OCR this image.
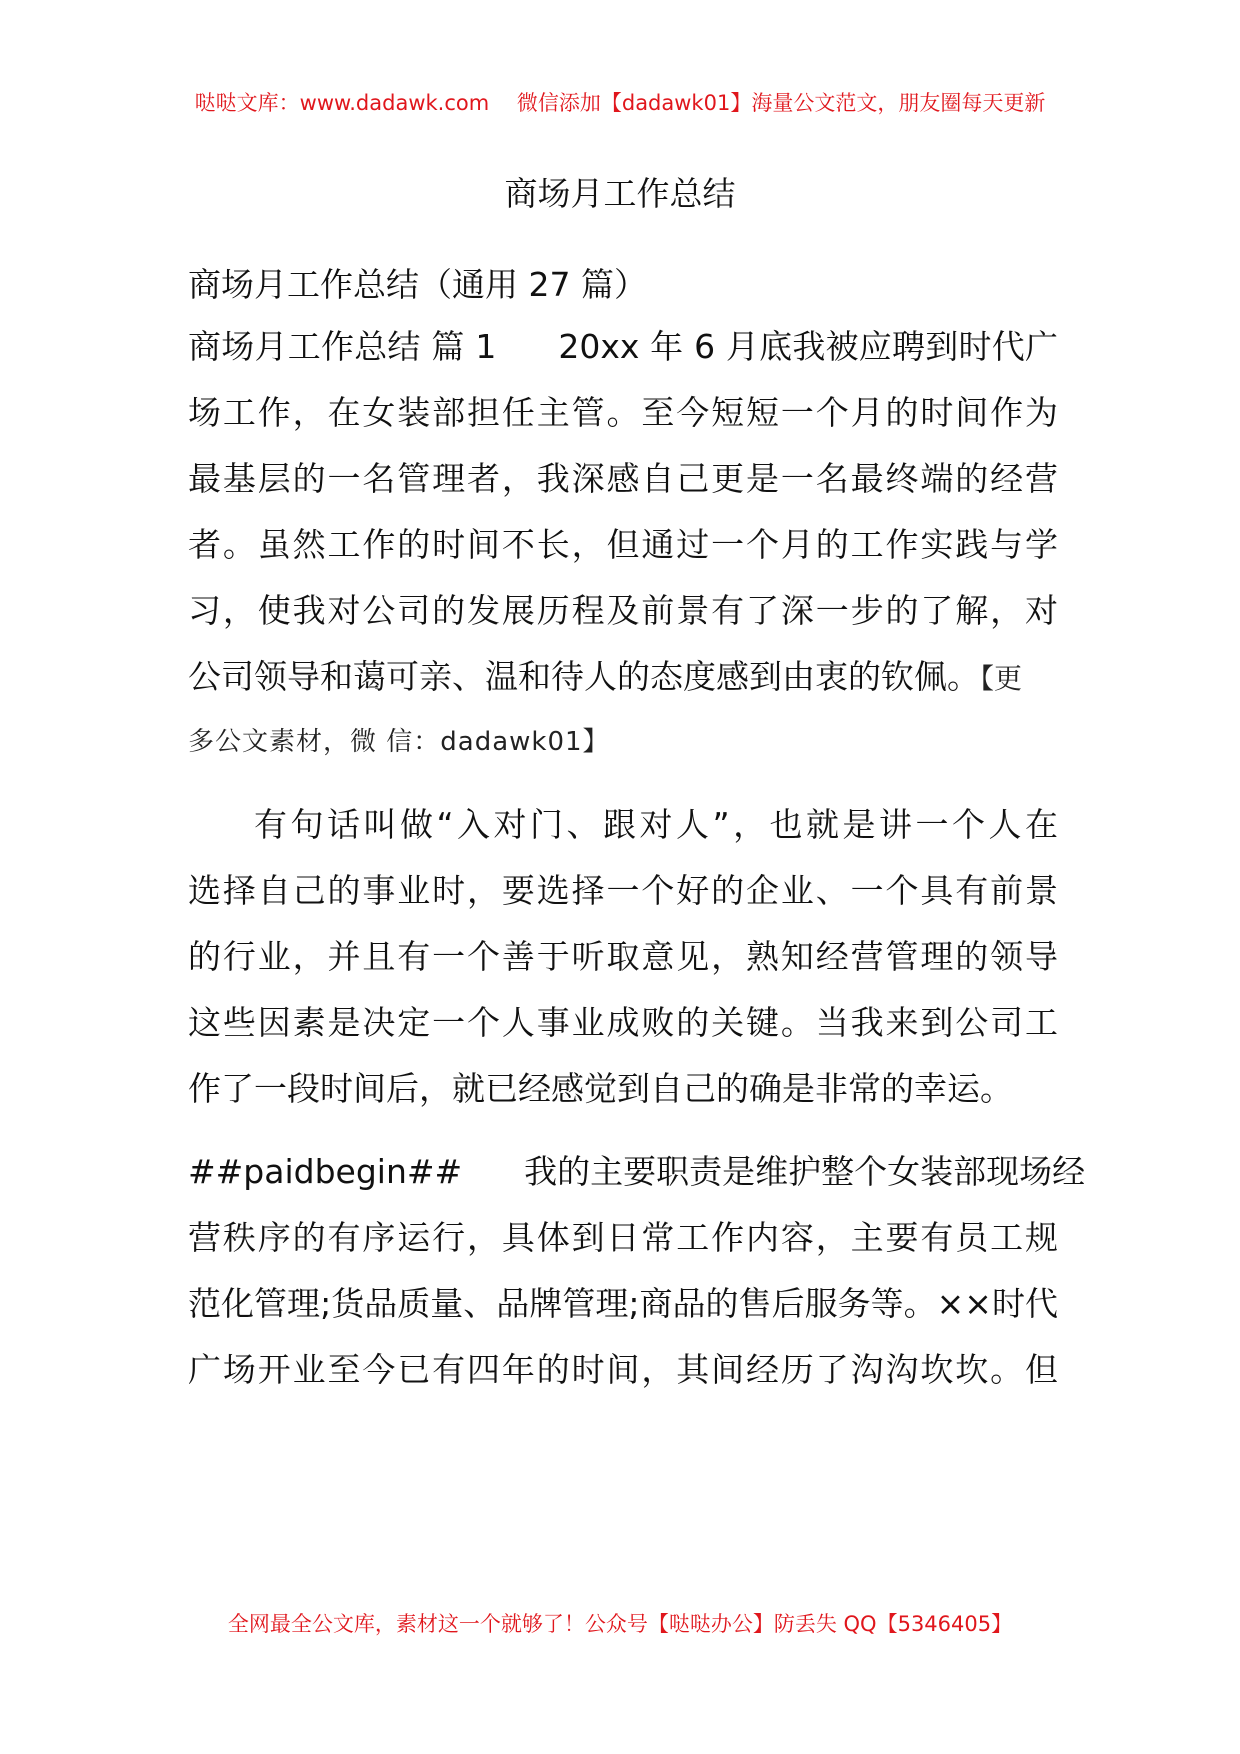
哒哒文库：www.dadawk.com　 微信添加【dadawk01】海量公文范文，朋友圈每天更新
商场月工作总结
商场月工作总结（通用 27 篇）
商场月工作总结 篇 1 20xx 年 6 月底我被应聘到时代广
场工作，在女装部担任主管。至今短短一个月的时间作为
最基层的一名管理者，我深感自己更是一名最终端的经营
者。虽然工作的时间不长，但通过一个月的工作实践与学
习，使我对公司的发展历程及前景有了深一步的了解，对
公司领导和蔼可亲、温和待人的态度感到由衷的钦佩。【更
多公文素材，微 信：dadawk01】
有句话叫做“入对门、跟对人”，也就是讲一个人在
选择自己的事业时，要选择一个好的企业、一个具有前景
的行业，并且有一个善于听取意见，熟知经营管理的领导
这些因素是决定一个人事业成败的关键。当我来到公司工
作了一段时间后，就已经感觉到自己的确是非常的幸运。
##paidbegin## 我的主要职责是维护整个女装部现场经
营秩序的有序运行，具体到日常工作内容，主要有员工规
范化管理;货品质量、品牌管理;商品的售后服务等。××时代
广场开业至今已有四年的时间，其间经历了沟沟坎坎。但
全网最全公文库，素材这一个就够了！公众号【哒哒办公】防丢失 QQ【5346405】
